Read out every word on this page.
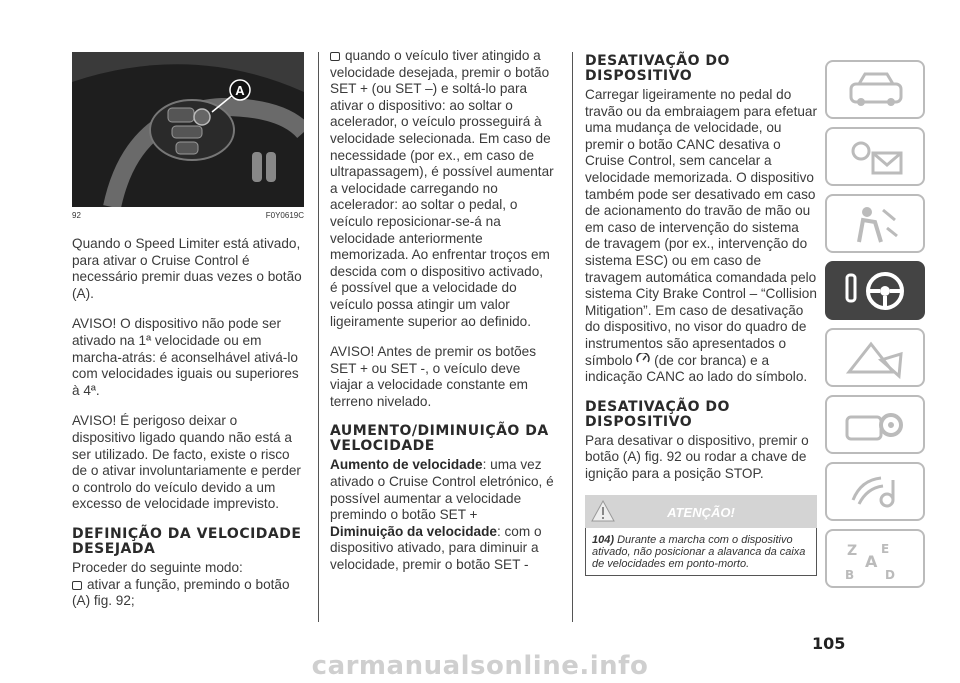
A
92	F0Y0619C

Quando o Speed Limiter está ativado, para ativar o Cruise Control é necessário premir duas vezes o botão (A).

AVISO! O dispositivo não pode ser ativado na 1ª velocidade ou em marcha-atrás: é aconselhável ativá-lo com velocidades iguais ou superiores à 4ª.

AVISO! É perigoso deixar o dispositivo ligado quando não está a ser utilizado. De facto, existe o risco de o ativar involuntariamente e perder o controlo do veículo devido a um excesso de velocidade imprevisto.

DEFINIÇÃO DA VELOCIDADE DESEJADA
Proceder do seguinte modo:
ativar a função, premindo o botão (A) fig. 92;

quando o veículo tiver atingido a velocidade desejada, premir o botão SET + (ou SET –) e soltá-lo para ativar o dispositivo: ao soltar o acelerador, o veículo prosseguirá à velocidade selecionada. Em caso de necessidade (por ex., em caso de ultrapassagem), é possível aumentar a velocidade carregando no acelerador: ao soltar o pedal, o veículo reposicionar-se-á na velocidade anteriormente memorizada. Ao enfrentar troços em descida com o dispositivo activado, é possível que a velocidade do veículo possa atingir um valor ligeiramente superior ao definido.

AVISO! Antes de premir os botões SET + ou SET -, o veículo deve viajar a velocidade constante em terreno nivelado.

AUMENTO/DIMINUIÇÃO DA VELOCIDADE
Aumento de velocidade: uma vez ativado o Cruise Control eletrónico, é possível aumentar a velocidade premindo o botão SET +
Diminuição da velocidade: com o dispositivo ativado, para diminuir a velocidade, premir o botão SET -
DESATIVAÇÃO DO DISPOSITIVO

Carregar ligeiramente no pedal do travão ou da embraiagem para efetuar uma mudança de velocidade, ou premir o botão CANC desativa o Cruise Control, sem cancelar a velocidade memorizada. O dispositivo também pode ser desativado em caso de acionamento do travão de mão ou em caso de intervenção do sistema de travagem (por ex., intervenção do sistema ESC) ou em caso de travagem automática comandada pelo sistema City Brake Control – “Collision Mitigation”. Em caso de desativação do dispositivo, no visor do quadro de instrumentos são apresentados o símbolo (de cor branca) e a indicação CANC ao lado do símbolo.

DESATIVAÇÃO DO DISPOSITIVO

Para desativar o dispositivo, premir o botão (A) fig. 92 ou rodar a chave de ignição para a posição STOP.

ATENÇÃO!
104) Durante a marcha com o dispositivo ativado, não posicionar a alavanca da caixa de velocidades em ponto-morto.
Z E
A
B	D
105
carmanualsonline.info
